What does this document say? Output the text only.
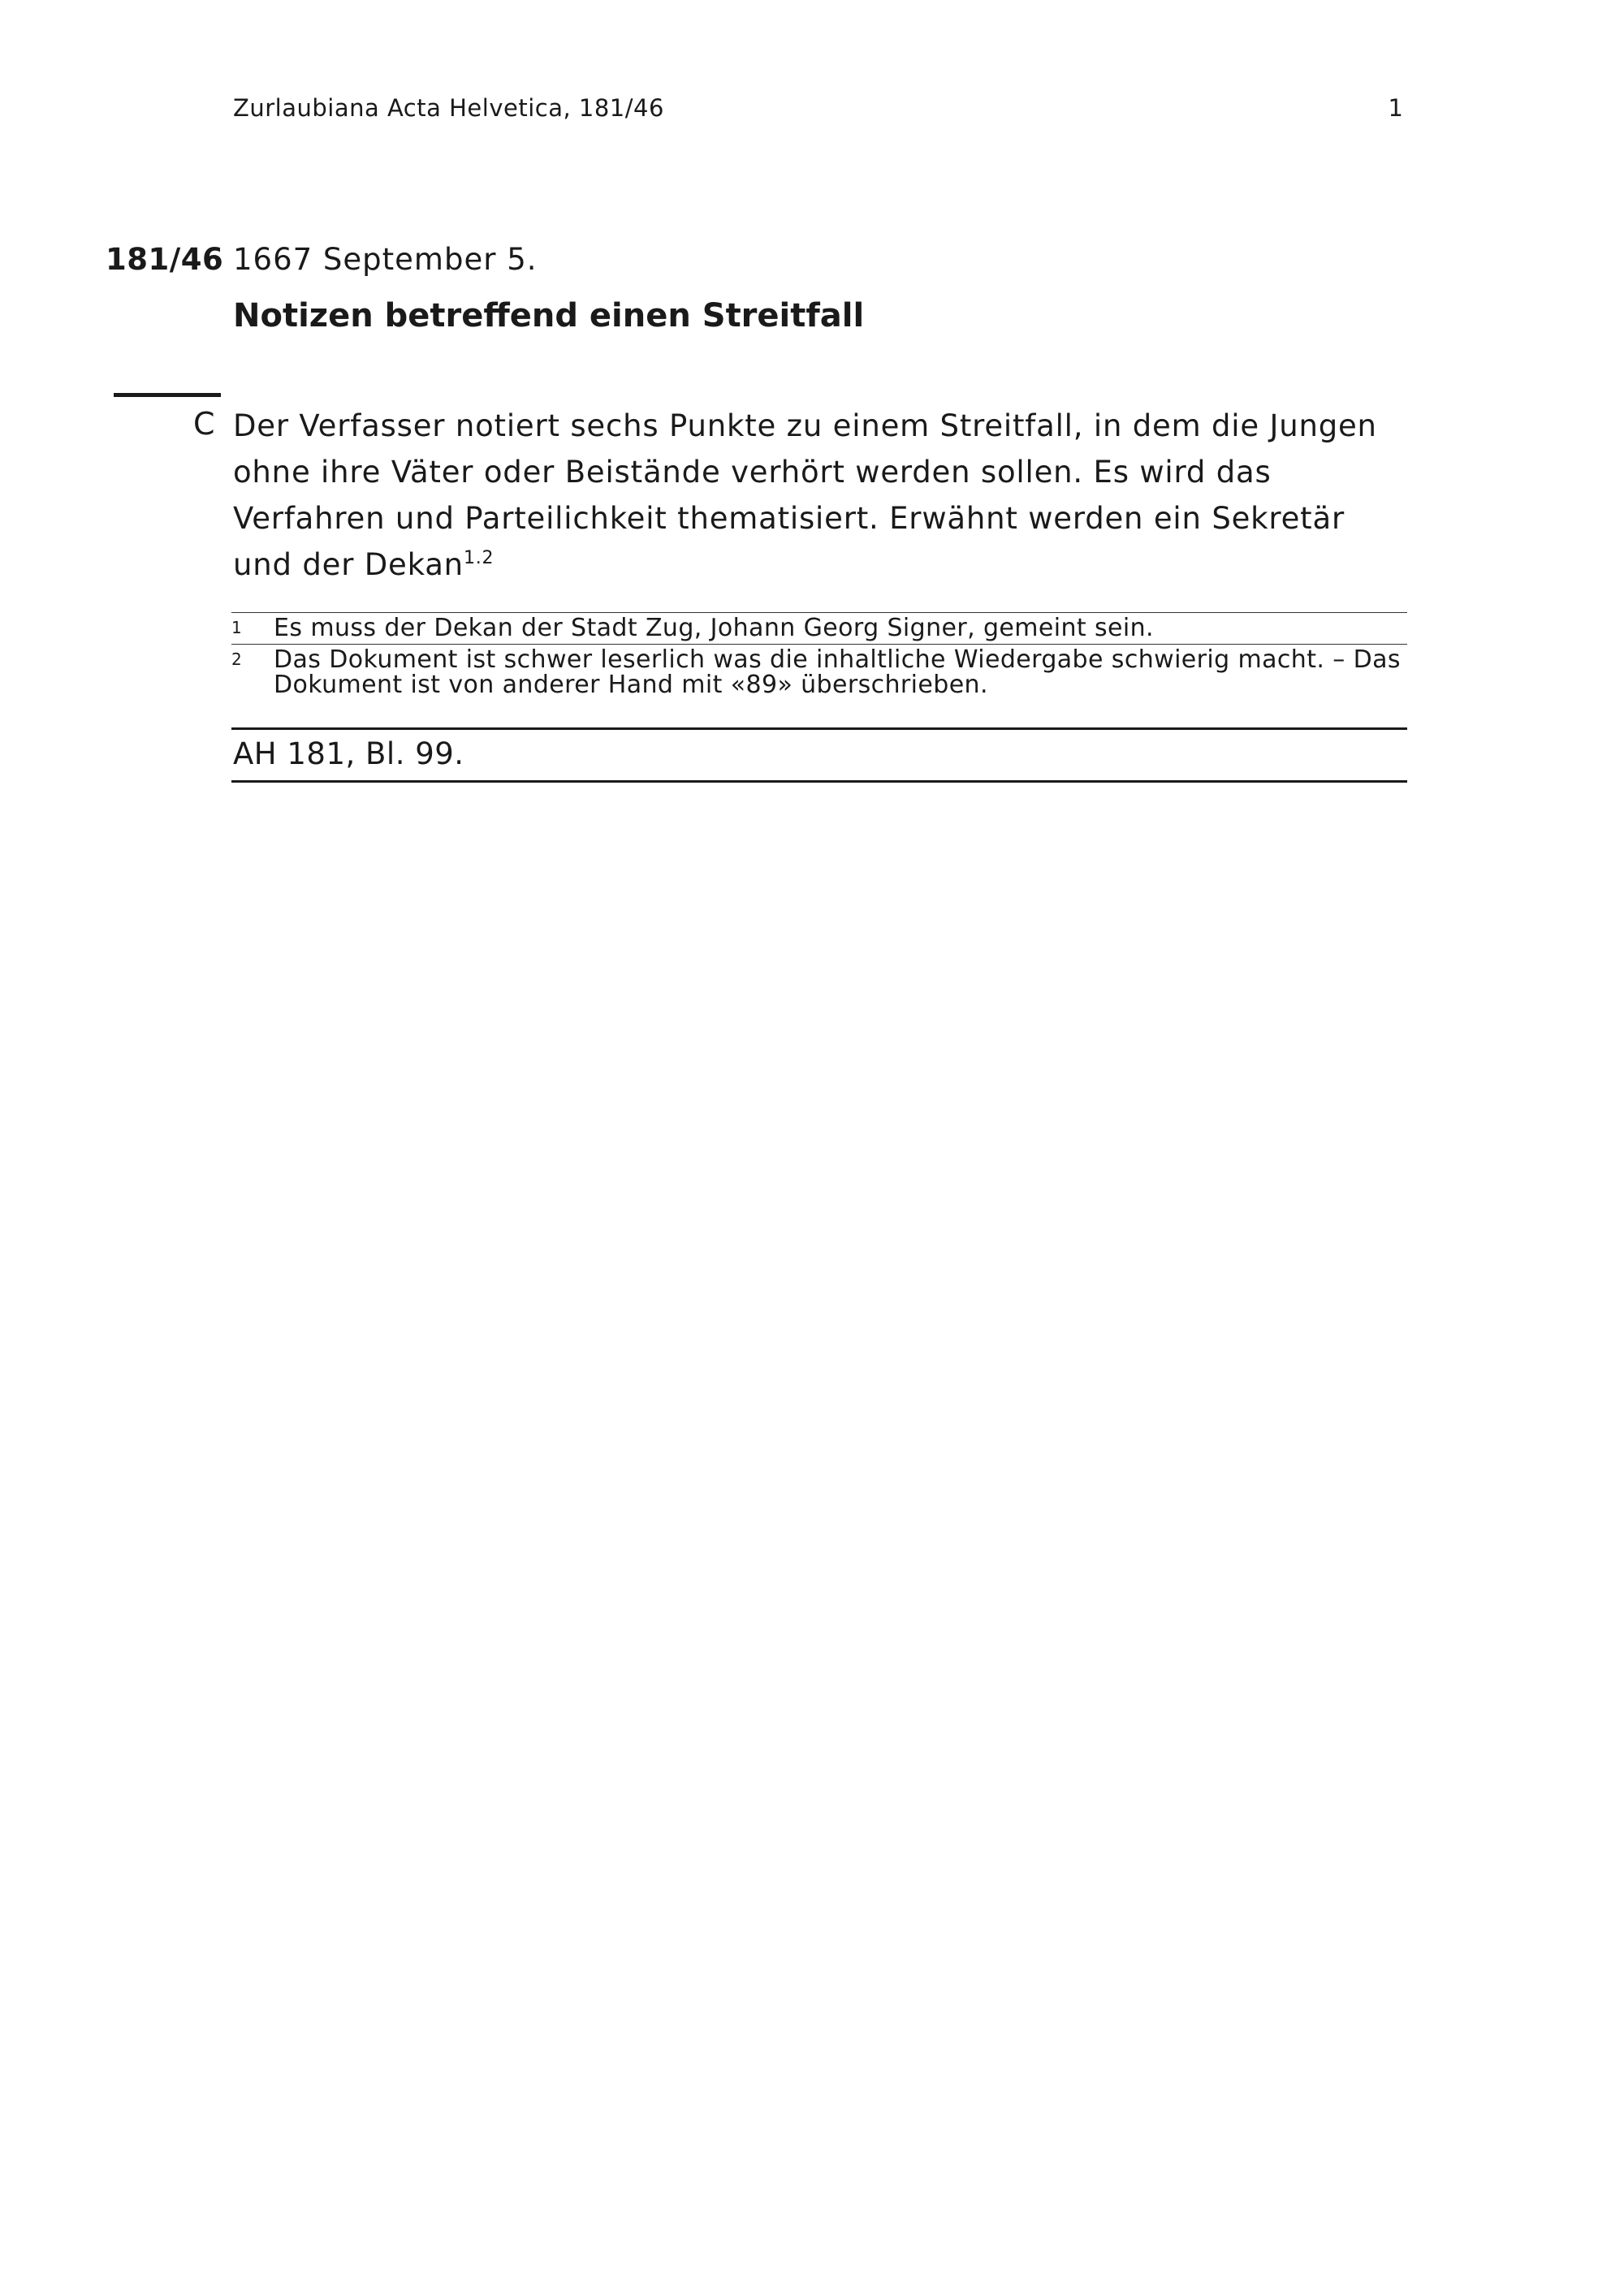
Zurlaubiana Acta Helvetica, 181/46	1
181/46 1667 September 5.
Notizen betreffend einen Streitfall
C Der Verfasser notiert sechs Punkte zu einem Streitfall, in dem die Jungen ohne ihre Väter oder Beistände verhört werden sollen. Es wird das Verfahren und Parteilichkeit thematisiert. Erwähnt werden ein Sekretär und der Dekan$^{1.2}$
1	Es muss der Dekan der Stadt Zug, Johann Georg Signer, gemeint sein.
2	Das Dokument ist schwer leserlich was die inhaltliche Wiedergabe schwierig macht. – Das Dokument ist von anderer Hand mit «89» überschrieben.
AH 181, Bl. 99.
